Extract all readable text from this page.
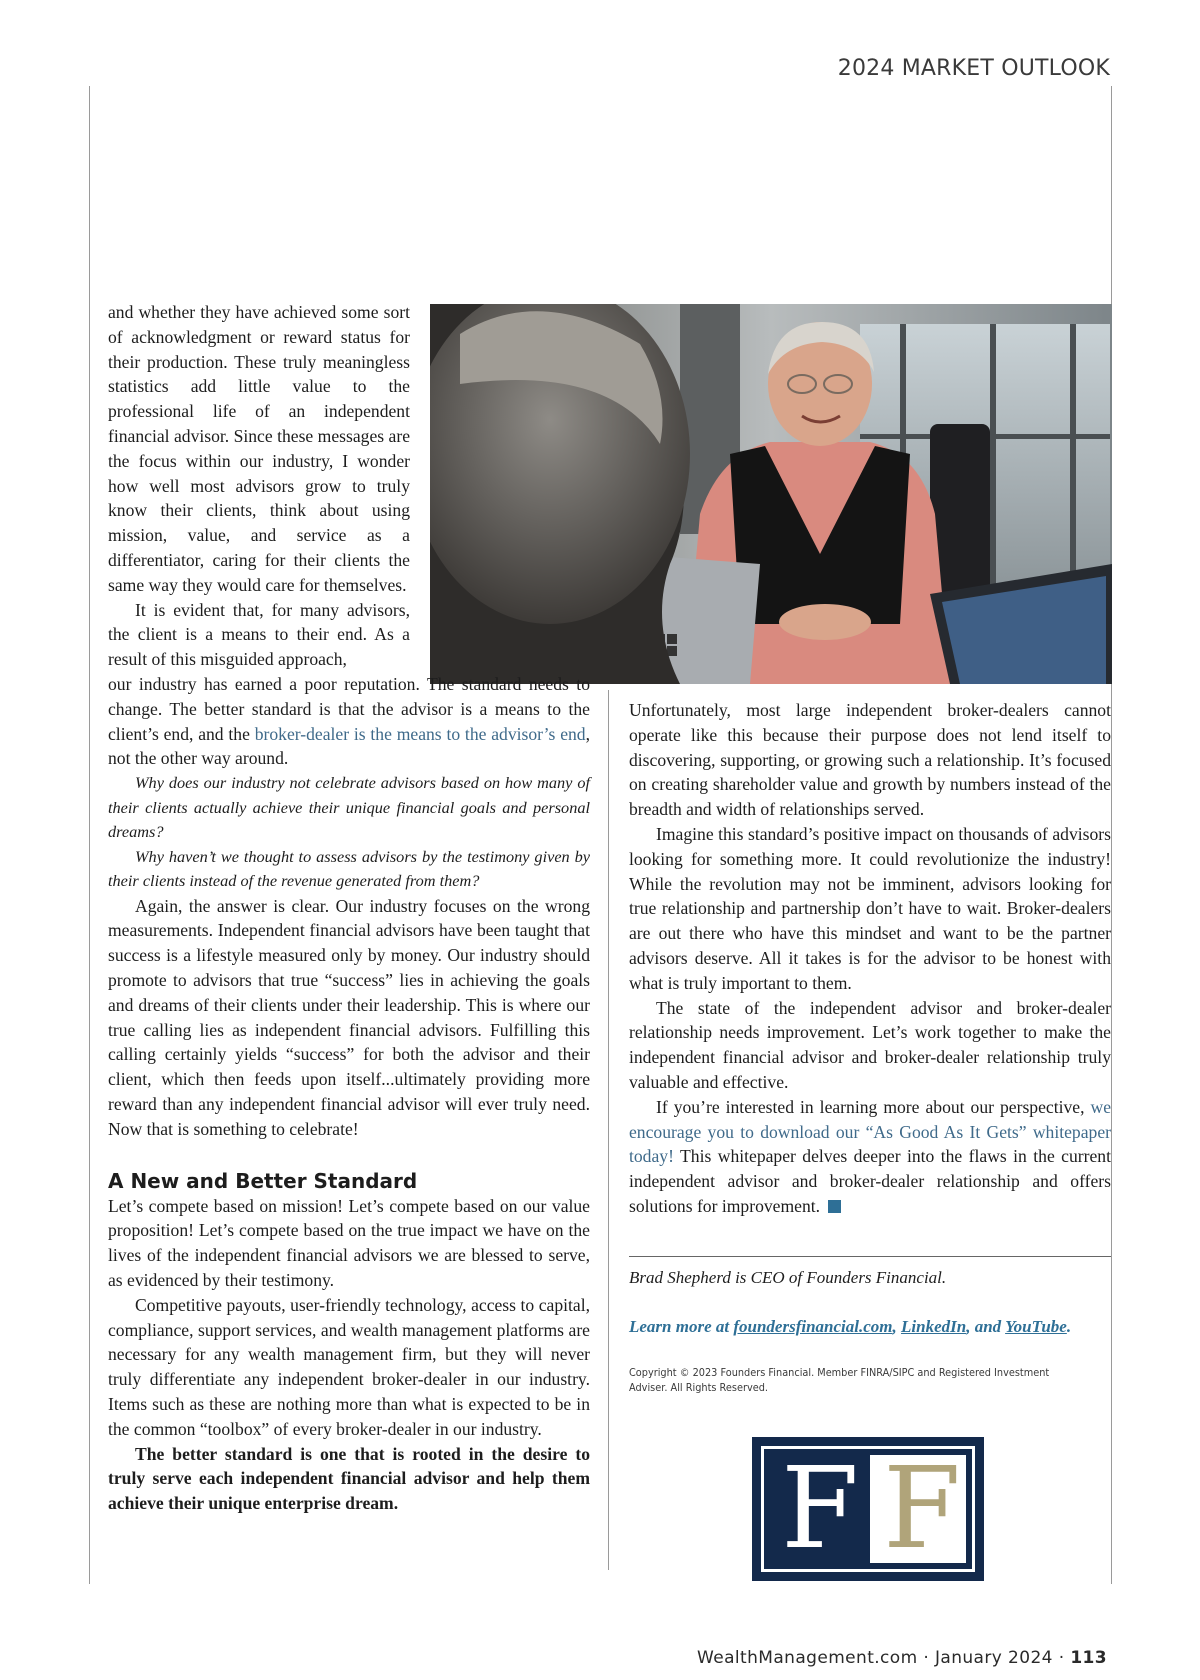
2024 MARKET OUTLOOK

and whether they have achieved some sort of acknowledgment or reward status for their production. These truly meaningless statistics add little value to the professional life of an independent financial advisor. Since these messages are the focus within our industry, I wonder how well most advisors grow to truly know their clients, think about using mission, value, and service as a differentiator, caring for their clients the same way they would care for themselves.

It is evident that, for many advisors, the client is a means to their end. As a result of this misguided approach,

our industry has earned a poor reputation. The standard needs to change. The better standard is that the advisor is a means to the client’s end, and the broker-dealer is the means to the advisor’s end, not the other way around.

Why does our industry not celebrate advisors based on how many of their clients actually achieve their unique financial goals and personal dreams?

Why haven’t we thought to assess advisors by the testimony given by their clients instead of the revenue generated from them?

Again, the answer is clear. Our industry focuses on the wrong measurements. Independent financial advisors have been taught that success is a lifestyle measured only by money. Our industry should promote to advisors that true “success” lies in achieving the goals and dreams of their clients under their leadership. This is where our true calling lies as independent financial advisors. Fulfilling this calling certainly yields “success” for both the advisor and their client, which then feeds upon itself...ultimately providing more reward than any independent financial advisor will ever truly need. Now that is something to celebrate!

A New and Better Standard

Let’s compete based on mission! Let’s compete based on our value proposition! Let’s compete based on the true impact we have on the lives of the independent financial advisors we are blessed to serve, as evidenced by their testimony.

Competitive payouts, user-friendly technology, access to capital, compliance, support services, and wealth management platforms are necessary for any wealth management firm, but they will never truly differentiate any independent broker-dealer in our industry. Items such as these are nothing more than what is expected to be in the common “toolbox” of every broker-dealer in our industry.

The better standard is one that is rooted in the desire to truly serve each independent financial advisor and help them achieve their unique enterprise dream.

Unfortunately, most large independent broker-dealers cannot operate like this because their purpose does not lend itself to discovering, supporting, or growing such a relationship. It’s focused on creating shareholder value and growth by numbers instead of the breadth and width of relationships served.

Imagine this standard’s positive impact on thousands of advisors looking for something more. It could revolutionize the industry! While the revolution may not be imminent, advisors looking for true relationship and partnership don’t have to wait. Broker-dealers are out there who have this mindset and want to be the partner advisors deserve. All it takes is for the advisor to be honest with what is truly important to them.

The state of the independent advisor and broker-dealer relationship needs improvement. Let’s work together to make the independent financial advisor and broker-dealer relationship truly valuable and effective.

If you’re interested in learning more about our perspective, we encourage you to download our “As Good As It Gets” whitepaper today! This whitepaper delves deeper into the flaws in the current independent advisor and broker-dealer relationship and offers solutions for improvement.

Brad Shepherd is CEO of Founders Financial.
Learn more at foundersfinancial.com, LinkedIn, and YouTube.
Copyright © 2023 Founders Financial. Member FINRA/SIPC and Registered Investment Adviser. All Rights Reserved.
F F
WealthManagement.com · January 2024 · 113
